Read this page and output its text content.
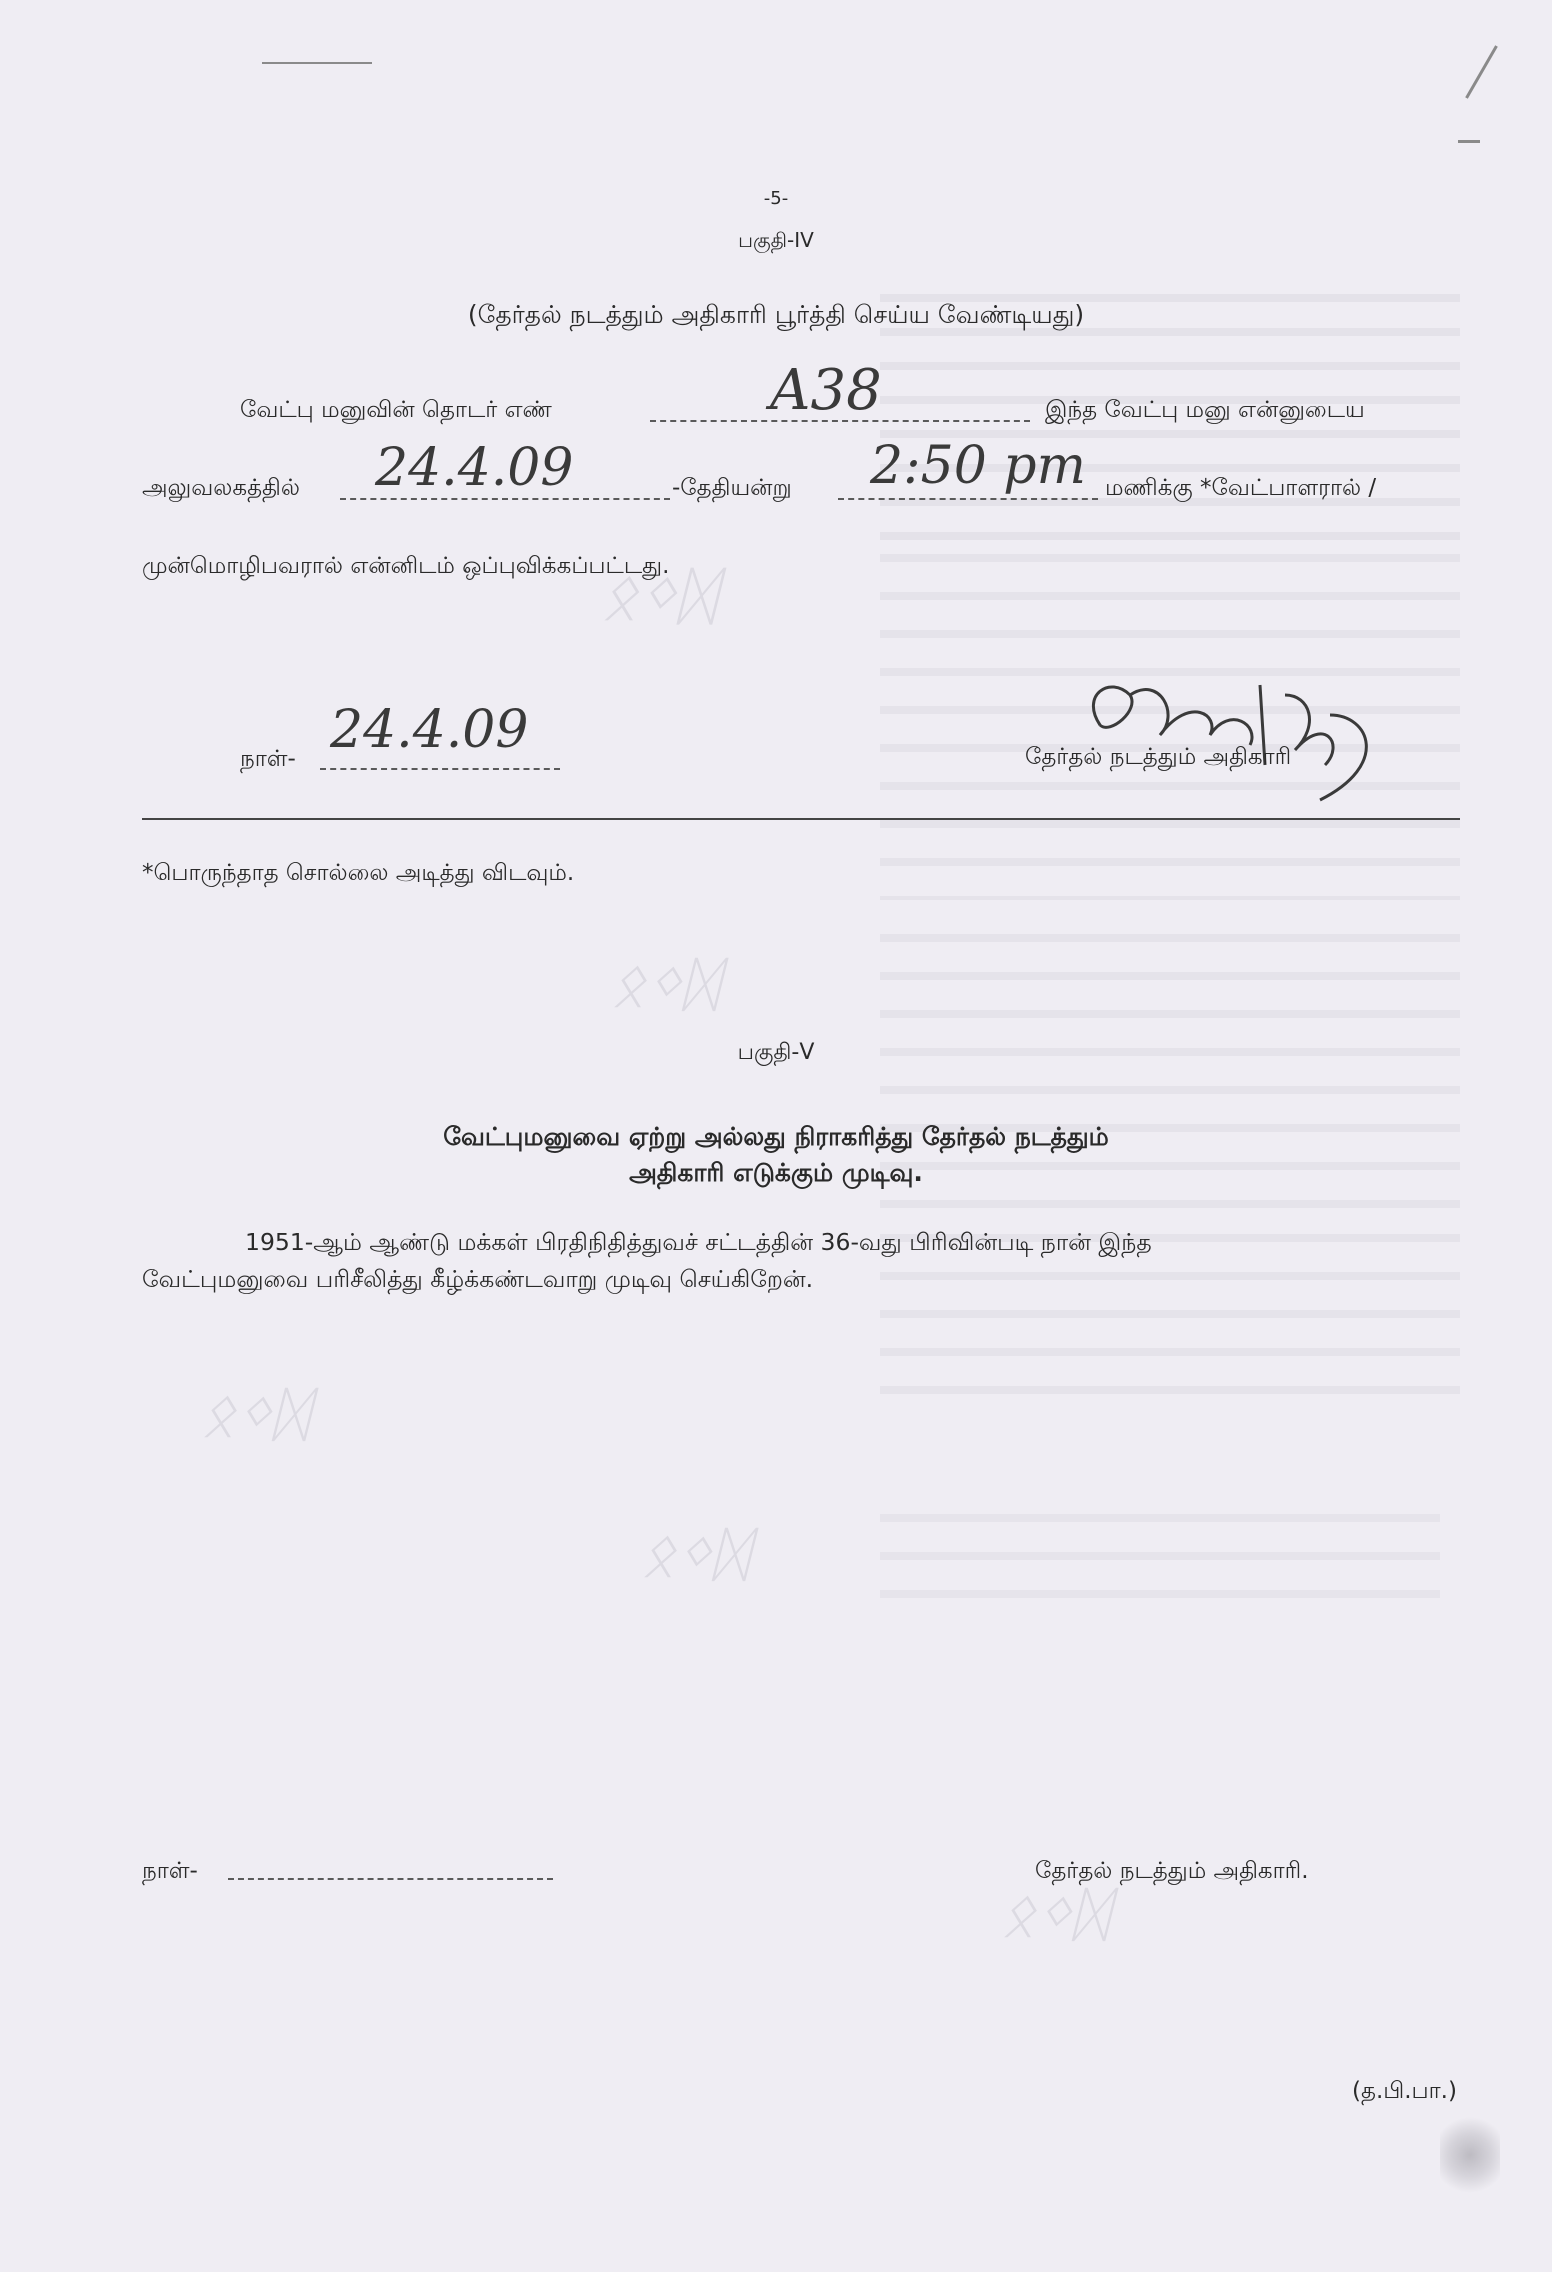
ᛟᛜᛞ
ᛟᛜᛞ
ᛟᛜᛞ
ᛟᛜᛞ
ᛟᛜᛞ
-5-
பகுதி-IV
(தேர்தல் நடத்தும் அதிகாரி பூர்த்தி செய்ய வேண்டியது)
வேட்பு மனுவின் தொடர் எண்	A38	இந்த வேட்பு மனு என்னுடைய
அலுவலகத்தில் 24.4.09	-தேதியன்று 2:50 pm மணிக்கு *வேட்பாளரால் /
முன்மொழிபவரால் என்னிடம் ஒப்புவிக்கப்பட்டது.
நாள்- 24.4.09	தேர்தல் நடத்தும் அதிகாரி
*பொருந்தாத சொல்லை அடித்து விடவும்.
பகுதி-V
வேட்புமனுவை ஏற்று அல்லது நிராகரித்து தேர்தல் நடத்தும்
அதிகாரி எடுக்கும் முடிவு.
1951-ஆம் ஆண்டு மக்கள் பிரதிநிதித்துவச் சட்டத்தின் 36-வது பிரிவின்படி நான் இந்த
வேட்புமனுவை பரிசீலித்து கீழ்க்கண்டவாறு முடிவு செய்கிறேன்.
நாள்-	தேர்தல் நடத்தும் அதிகாரி.
(த.பி.பா.)
